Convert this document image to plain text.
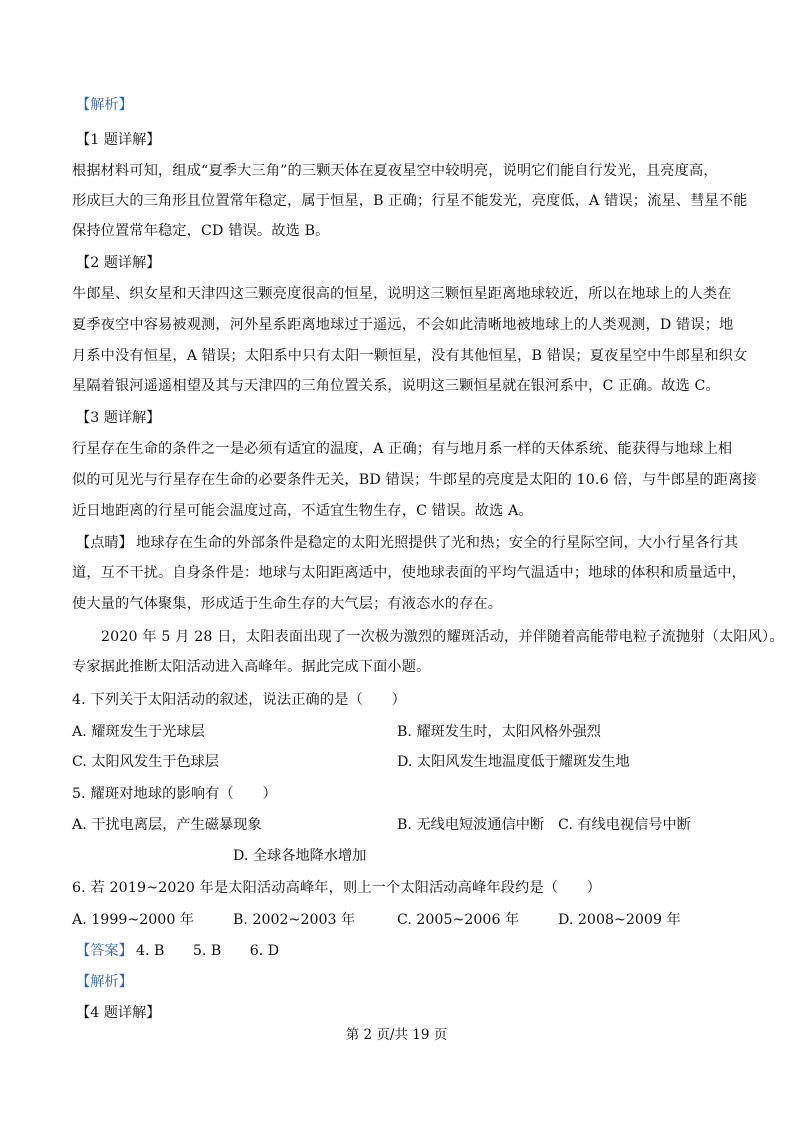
【解析】
【1 题详解】
根据材料可知，组成“夏季大三角”的三颗天体在夏夜星空中较明亮，说明它们能自行发光，且亮度高，
形成巨大的三角形且位置常年稳定，属于恒星，B 正确；行星不能发光，亮度低，A 错误；流星、彗星不能
保持位置常年稳定，CD 错误。故选 B。
【2 题详解】
牛郎星、织女星和天津四这三颗亮度很高的恒星，说明这三颗恒星距离地球较近，所以在地球上的人类在
夏季夜空中容易被观测，河外星系距离地球过于遥远，不会如此清晰地被地球上的人类观测，D 错误；地
月系中没有恒星，A 错误；太阳系中只有太阳一颗恒星，没有其他恒星，B 错误；夏夜星空中牛郎星和织女
星隔着银河遥遥相望及其与天津四的三角位置关系，说明这三颗恒星就在银河系中，C 正确。故选 C。
【3 题详解】
行星存在生命的条件之一是必须有适宜的温度，A 正确；有与地月系一样的天体系统、能获得与地球上相
似的可见光与行星存在生命的必要条件无关，BD 错误；牛郎星的亮度是太阳的 10.6 倍，与牛郎星的距离接
近日地距离的行星可能会温度过高，不适宜生物生存，C 错误。故选 A。
【点睛】 地球存在生命的外部条件是稳定的太阳光照提供了光和热；安全的行星际空间，大小行星各行其
道，互不干扰。自身条件是：地球与太阳距离适中，使地球表面的平均气温适中；地球的体积和质量适中，
使大量的气体聚集，形成适于生命生存的大气层；有液态水的存在。
2020 年 5 月 28 日，太阳表面出现了一次极为激烈的耀斑活动，并伴随着高能带电粒子流抛射（太阳风）。
专家据此推断太阳活动进入高峰年。据此完成下面小题。
4. 下列关于太阳活动的叙述，说法正确的是（　　）
A. 耀斑发生于光球层	B. 耀斑发生时，太阳风格外强烈
C. 太阳风发生于色球层	D. 太阳风发生地温度低于耀斑发生地
5. 耀斑对地球的影响有（　　）
A. 干扰电离层，产生磁暴现象	B. 无线电短波通信中断 C. 有线电视信号中断
D. 全球各地降水增加
6. 若 2019~2020 年是太阳活动高峰年，则上一个太阳活动高峰年段约是（　　）
A. 1999~2000 年	B. 2002~2003 年	C. 2005~2006 年	D. 2008~2009 年
【答案】 4. B　　5. B　　6. D
【解析】
【4 题详解】
第 2 页/共 19 页
